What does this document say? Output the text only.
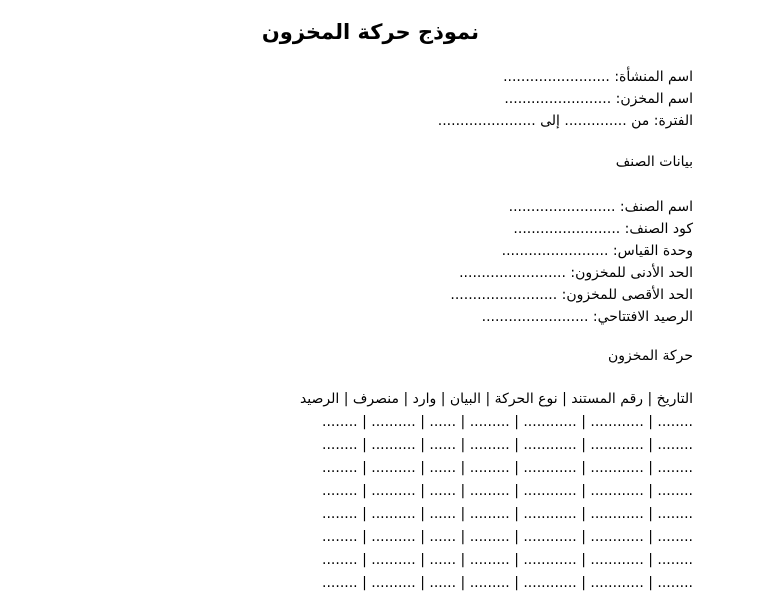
نموذج حركة المخزون
اسم المنشأة: ........................
اسم المخزن: ........................
الفترة: من .............. إلى ......................
بيانات الصنف
اسم الصنف: ........................
كود الصنف: ........................
وحدة القياس: ........................
الحد الأدنى للمخزون: ........................
الحد الأقصى للمخزون: ........................
الرصيد الافتتاحي: ........................
حركة المخزون
التاريخ | رقم المستند | نوع الحركة | البيان | وارد | منصرف | الرصيد
........ | ............ | ............ | ......... | ...... | .......... | ........
........ | ............ | ............ | ......... | ...... | .......... | ........
........ | ............ | ............ | ......... | ...... | .......... | ........
........ | ............ | ............ | ......... | ...... | .......... | ........
........ | ............ | ............ | ......... | ...... | .......... | ........
........ | ............ | ............ | ......... | ...... | .......... | ........
........ | ............ | ............ | ......... | ...... | .......... | ........
........ | ............ | ............ | ......... | ...... | .......... | ........
